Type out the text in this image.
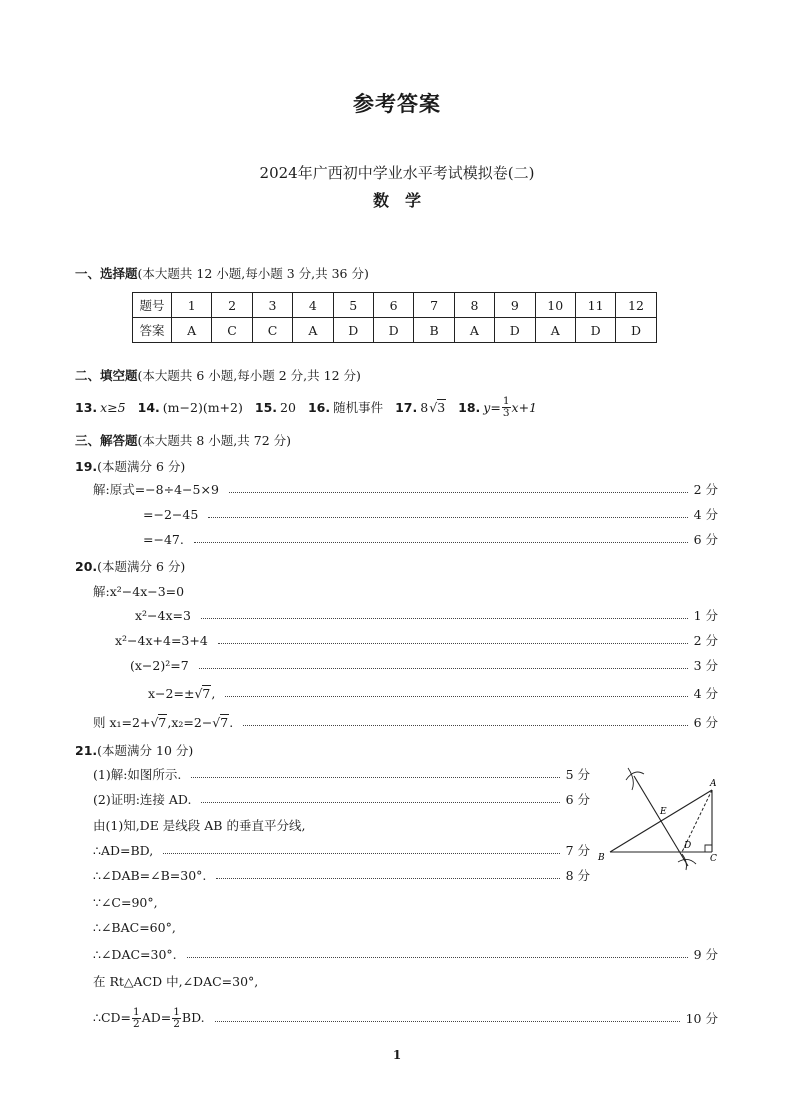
参考答案
2024年广西初中学业水平考试模拟卷(二)
数　学
一、选择题(本大题共 12 小题,每小题 3 分,共 36 分)
题号	1	2	3	4	5	6	7	8	9	10	11	12
答案	A	C	C	A	D	D	B	A	D	A	D	D
二、填空题(本大题共 6 小题,每小题 2 分,共 12 分)
13. x≥5 14. (m−2)(m+2) 15. 20 16. 随机事件 17. 8 √ 3 18. $y= \frac{1}{3} x+1$
三、解答题(本大题共 8 小题,共 72 分)
19.(本题满分 6 分)
解:原式=−8÷4−5×9	2 分
=−2−45	4 分
=−47.	6 分
20.(本题满分 6 分)
解:x²−4x−3=0
x²−4x=3	1 分
x²−4x+4=3+4	2 分
(x−2)²=7	3 分
x−2=±√7,	4 分
则 x₁=2+√7,x₂=2−√7.	6 分
21.(本题满分 10 分)
(1)解:如图所示.	5 分
(2)证明:连接 AD.	6 分
由(1)知,DE 是线段 AB 的垂直平分线,
∴AD=BD,	7 分
∴∠DAB=∠B=30°.	8 分
∵∠C=90°,
∴∠BAC=60°,
∴∠DAC=30°.	9 分
在 Rt△ACD 中,∠DAC=30°,
∴CD= $\frac{1}{2} AD= \frac{1}{2}$ BD.	10 分
A
B	C
D
E
1
